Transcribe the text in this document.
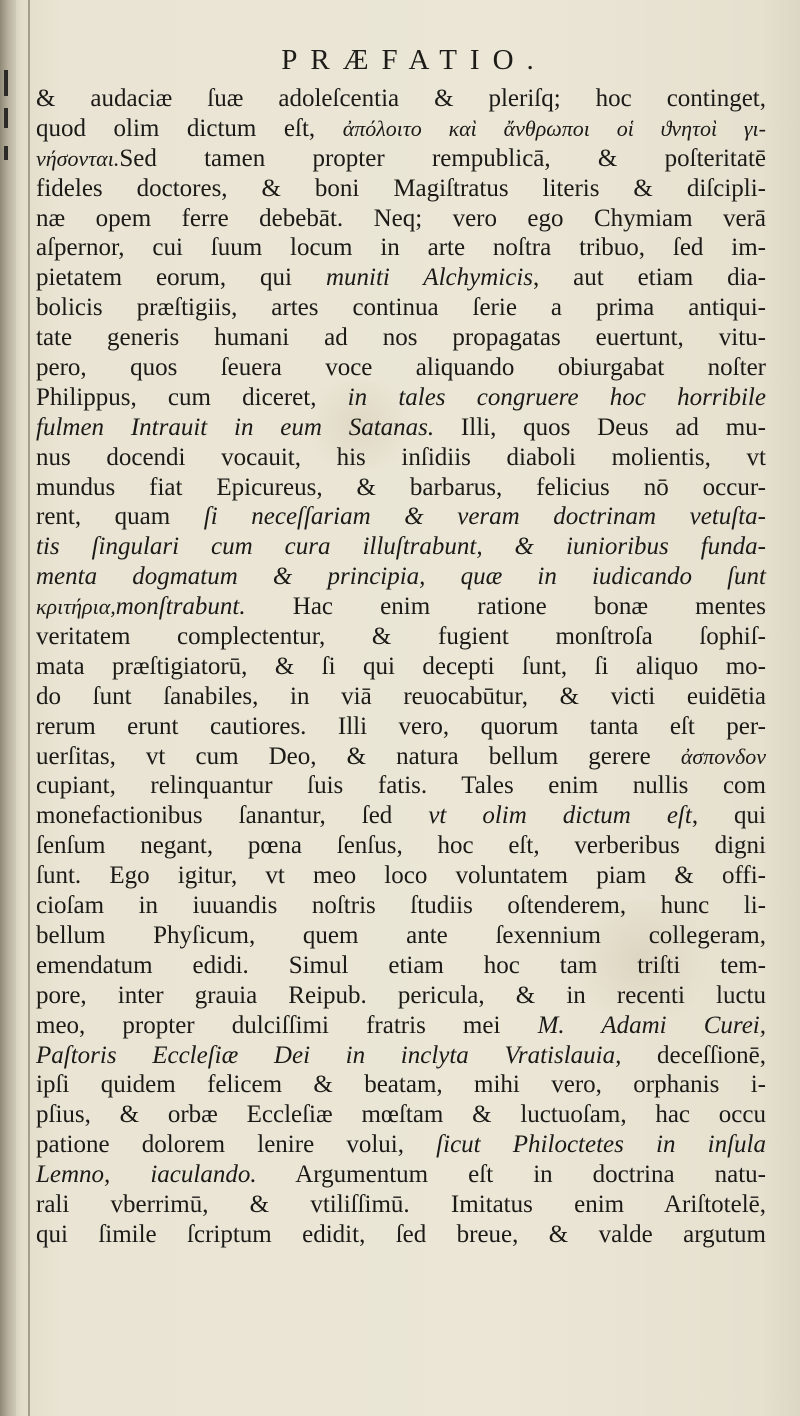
PRÆFATIO.
& audaciæ ſuæ adoleſcentia & pleriſq; hoc continget,
quod olim dictum eſt, ἀπόλοιτο καὶ ἄνθρωποι οἱ ϑνητοὶ γι-
νήσονται.Sed tamen propter rempublicā, & poſteritatē
fideles doctores, & boni Magiſtratus literis & diſcipli-
næ opem ferre debebāt. Neq; vero ego Chymiam verā
aſpernor, cui ſuum locum in arte noſtra tribuo, ſed im-
pietatem eorum, qui muniti Alchymicis, aut etiam dia-
bolicis præſtigiis, artes continua ſerie a prima antiqui-
tate generis humani ad nos propagatas euertunt, vitu-
pero, quos ſeuera voce aliquando obiurgabat noſter
Philippus, cum diceret, in tales congruere hoc horribile
fulmen Intrauit in eum Satanas. Illi, quos Deus ad mu-
nus docendi vocauit, his inſidiis diaboli molientis, vt
mundus fiat Epicureus, & barbarus, felicius nō occur-
rent, quam ſi neceſſariam & veram doctrinam vetuſta-
tis ſingulari cum cura illuſtrabunt, & iunioribus funda-
menta dogmatum & principia, quæ in iudicando ſunt
κριτήρια,monſtrabunt. Hac enim ratione bonæ mentes
veritatem complectentur, & fugient monſtroſa ſophiſ-
mata præſtigiatorū, & ſi qui decepti ſunt, ſi aliquo mo-
do ſunt ſanabiles, in viā reuocabūtur, & victi euidētia
rerum erunt cautiores. Illi vero, quorum tanta eſt per-
uerſitas, vt cum Deo, & natura bellum gerere ἀσπονδον
cupiant, relinquantur ſuis fatis. Tales enim nullis com
monefactionibus ſanantur, ſed vt olim dictum eſt, qui
ſenſum negant, pœna ſenſus, hoc eſt, verberibus digni
ſunt. Ego igitur, vt meo loco voluntatem piam & offi-
cioſam in iuuandis noſtris ſtudiis oſtenderem, hunc li-
bellum Phyſicum, quem ante ſexennium collegeram,
emendatum edidi. Simul etiam hoc tam triſti tem-
pore, inter grauia Reipub. pericula, & in recenti luctu
meo, propter dulciſſimi fratris mei M. Adami Curei,
Paſtoris Eccleſiæ Dei in inclyta Vratislauia, deceſſionē,
ipſi quidem felicem & beatam, mihi vero, orphanis i-
pſius, & orbæ Eccleſiæ mœſtam & luctuoſam, hac occu
patione dolorem lenire volui, ſicut Philoctetes in inſula
Lemno, iaculando. Argumentum eſt in doctrina natu-
rali vberrimū, & vtiliſſimū. Imitatus enim Ariſtotelē,
qui ſimile ſcriptum edidit, ſed breue, & valde argutum
